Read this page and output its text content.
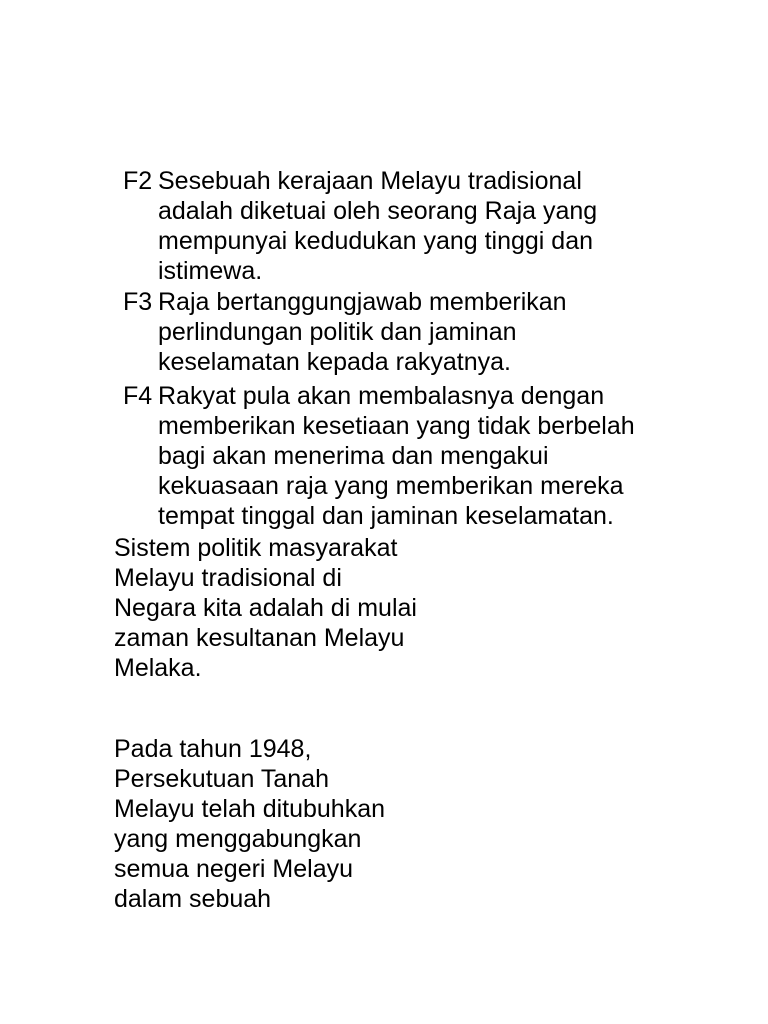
F2 Sesebuah kerajaan Melayu tradisional
adalah diketuai oleh seorang Raja yang
mempunyai kedudukan yang tinggi dan
istimewa.
F3 Raja bertanggungjawab memberikan
perlindungan politik dan jaminan
keselamatan kepada rakyatnya.
F4 Rakyat pula akan membalasnya dengan
memberikan kesetiaan yang tidak berbelah
bagi akan menerima dan mengakui
kekuasaan raja yang memberikan mereka
tempat tinggal dan jaminan keselamatan.
Sistem politik masyarakat
Melayu tradisional di
Negara kita adalah di mulai
zaman kesultanan Melayu
Melaka.
Pada tahun 1948,
Persekutuan Tanah
Melayu telah ditubuhkan
yang menggabungkan
semua negeri Melayu
dalam sebuah
